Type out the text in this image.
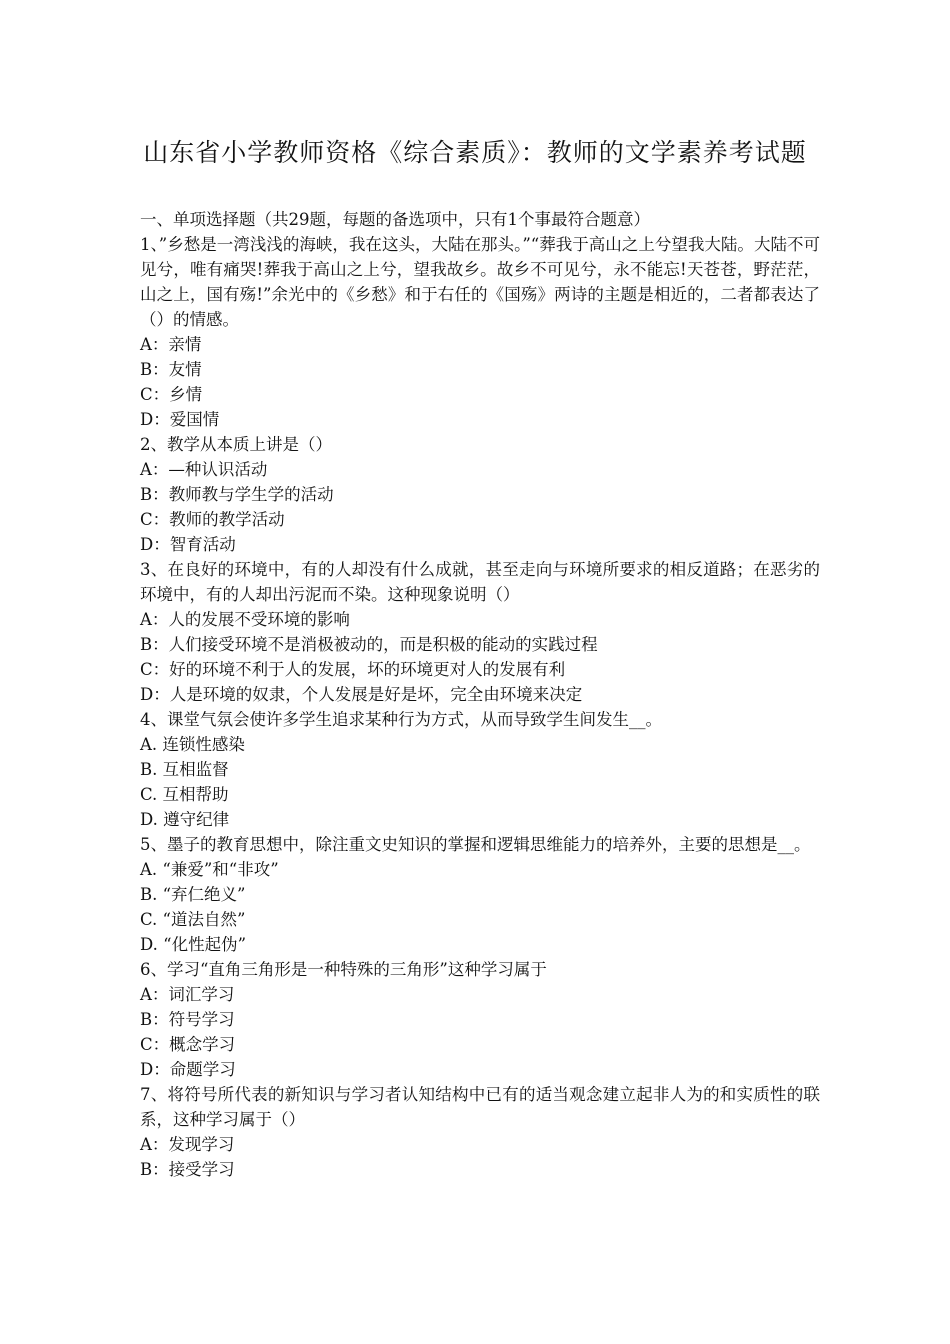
山东省小学教师资格《综合素质》：教师的文学素养考试题

一、单项选择题（共29题，每题的备选项中，只有1个事最符合题意）

1、”乡愁是一湾浅浅的海峡，我在这头，大陆在那头。”“葬我于高山之上兮望我大陆。大陆不可见兮，唯有痛哭!葬我于高山之上兮，望我故乡。故乡不可见兮，永不能忘!天苍苍，野茫茫，山之上，国有殇!”余光中的《乡愁》和于右任的《国殇》两诗的主题是相近的，二者都表达了（）的情感。

A：亲情

B：友情

C：乡情

D：爱国情

2、教学从本质上讲是（）

A：—种认识活动

B：教师教与学生学的活动

C：教师的教学活动

D：智育活动

3、在良好的环境中，有的人却没有什么成就，甚至走向与环境所要求的相反道路；在恶劣的环境中，有的人却出污泥而不染。这种现象说明（）

A：人的发展不受环境的影响

B：人们接受环境不是消极被动的，而是积极的能动的实践过程

C：好的环境不利于人的发展，坏的环境更对人的发展有利

D：人是环境的奴隶，个人发展是好是坏，完全由环境来决定

4、课堂气氛会使许多学生追求某种行为方式，从而导致学生间发生__。

A. 连锁性感染

B. 互相监督

C. 互相帮助

D. 遵守纪律

5、墨子的教育思想中，除注重文史知识的掌握和逻辑思维能力的培养外，主要的思想是__。

A. “兼爱”和“非攻”

B. “弃仁绝义”

C. “道法自然”

D. “化性起伪”

6、学习“直角三角形是一种特殊的三角形”这种学习属于

A：词汇学习

B：符号学习

C：概念学习

D：命题学习

7、将符号所代表的新知识与学习者认知结构中已有的适当观念建立起非人为的和实质性的联系，这种学习属于（）

A：发现学习

B：接受学习
